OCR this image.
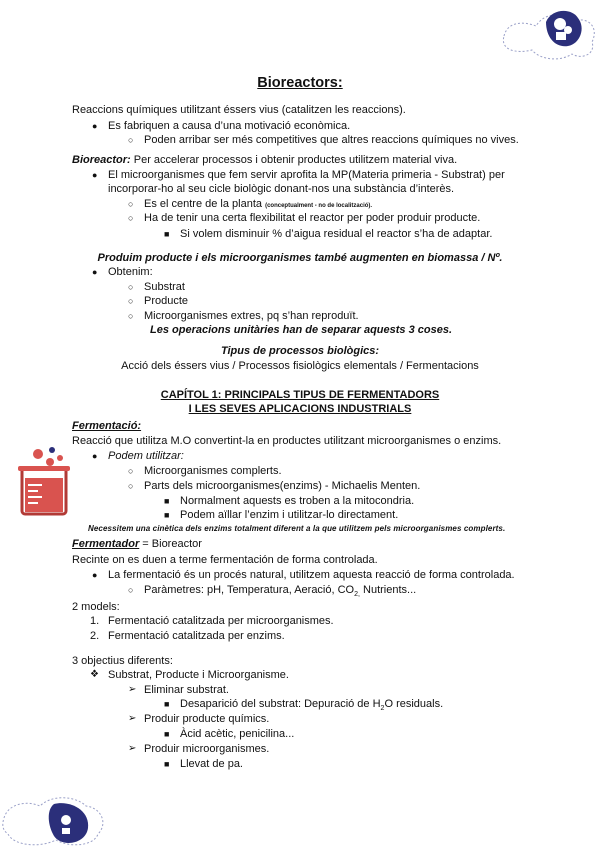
Bioreactors:
Reaccions químiques utilitzant éssers vius (catalitzen les reaccions).
● Es fabriquen a causa d’una motivació econòmica.
○ Poden arribar ser més competitives que altres reaccions químiques no vives.
Bioreactor: Per accelerar processos i obtenir productes utilitzem material viva.
● El microorganismes que fem servir aprofita la MP(Materia primeria - Substrat) per
incorporar-ho al seu cicle biològic donant-nos una substància d’interès.
○ Es el centre de la planta (conceptualment - no de localització).
○ Ha de tenir una certa flexibilitat el reactor per poder produir producte.
■ Si volem disminuir % d’aigua residual el reactor s’ha de adaptar.
Produim producte i els microorganismes també augmenten en biomassa / Nº.
● Obtenim:
○ Substrat
○ Producte
○ Microorganismes extres, pq s’han reproduït.
Les operacions unitàries han de separar aquests 3 coses.
Tipus de processos biològics:
Acció dels éssers vius / Processos fisiològics elementals / Fermentacions
CAPÍTOL 1: PRINCIPALS TIPUS DE FERMENTADORS
I LES SEVES APLICACIONS INDUSTRIALS
Fermentació:
Reacció que utilitza M.O convertint-la en productes utilitzant microorganismes o enzims.
● Podem utilitzar:
○ Microorganismes complerts.
○ Parts dels microorganismes(enzims) - Michaelis Menten.
■ Normalment aquests es troben a la mitocondria.
■ Podem aïllar l’enzim i utilitzar-lo directament.
Necessitem una cinètica dels enzims totalment diferent a la que utilitzem pels microorganismes complerts.
Fermentador = Bioreactor
Recinte on es duen a terme fermentación de forma controlada.
● La fermentació és un procés natural, utilitzem aquesta reacció de forma controlada.
○ Paràmetres: pH, Temperatura, Aeració, $CO_{2,}$ Nutrients...
2 models:
1. Fermentació catalitzada per microorganismes.
2. Fermentació catalitzada per enzims.
3 objectius diferents:
❖ Substrat, Producte i Microorganisme.
➢ Eliminar substrat.
■ Desaparició del substrat: Depuració de $H_2O$ residuals.
➢ Produir producte químics.
■ Àcid acètic, penicilina...
➢ Produir microorganismes.
■ Llevat de pa.
